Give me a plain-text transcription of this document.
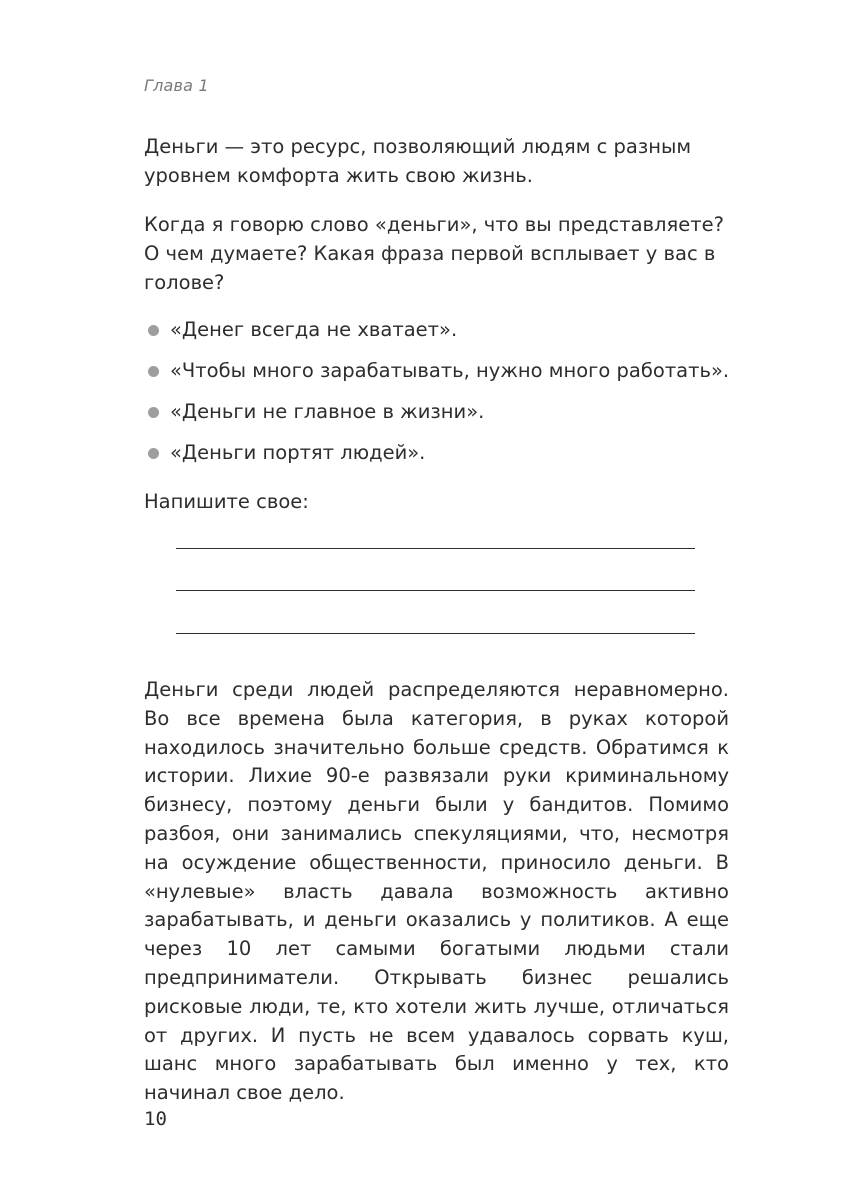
Глава 1

Деньги — это ресурс, позволяющий людям с разным уровнем комфорта жить свою жизнь.

Когда я говорю слово «деньги», что вы представляете? О чем думаете? Какая фраза первой всплывает у вас в голове?

«Денег всегда не хватает».
«Чтобы много зарабатывать, нужно много работать».
«Деньги не главное в жизни».
«Деньги портят людей».

Напишите свое:

Деньги среди людей распределяются неравномерно. Во все времена была категория, в руках которой находилось значительно больше средств. Обратимся к истории. Лихие 90-е развязали руки криминальному бизнесу, поэтому деньги были у бандитов. Помимо разбоя, они занимались спекуляциями, что, несмотря на осуждение общественности, приносило деньги. В «нулевые» власть давала возможность активно зарабатывать, и деньги оказались у политиков. А еще через 10 лет самыми богатыми людьми стали предприниматели. Открывать бизнес решались рисковые люди, те, кто хотели жить лучше, отличаться от других. И пусть не всем удавалось сорвать куш, шанс много зарабатывать был именно у тех, кто начинал свое дело.

10
